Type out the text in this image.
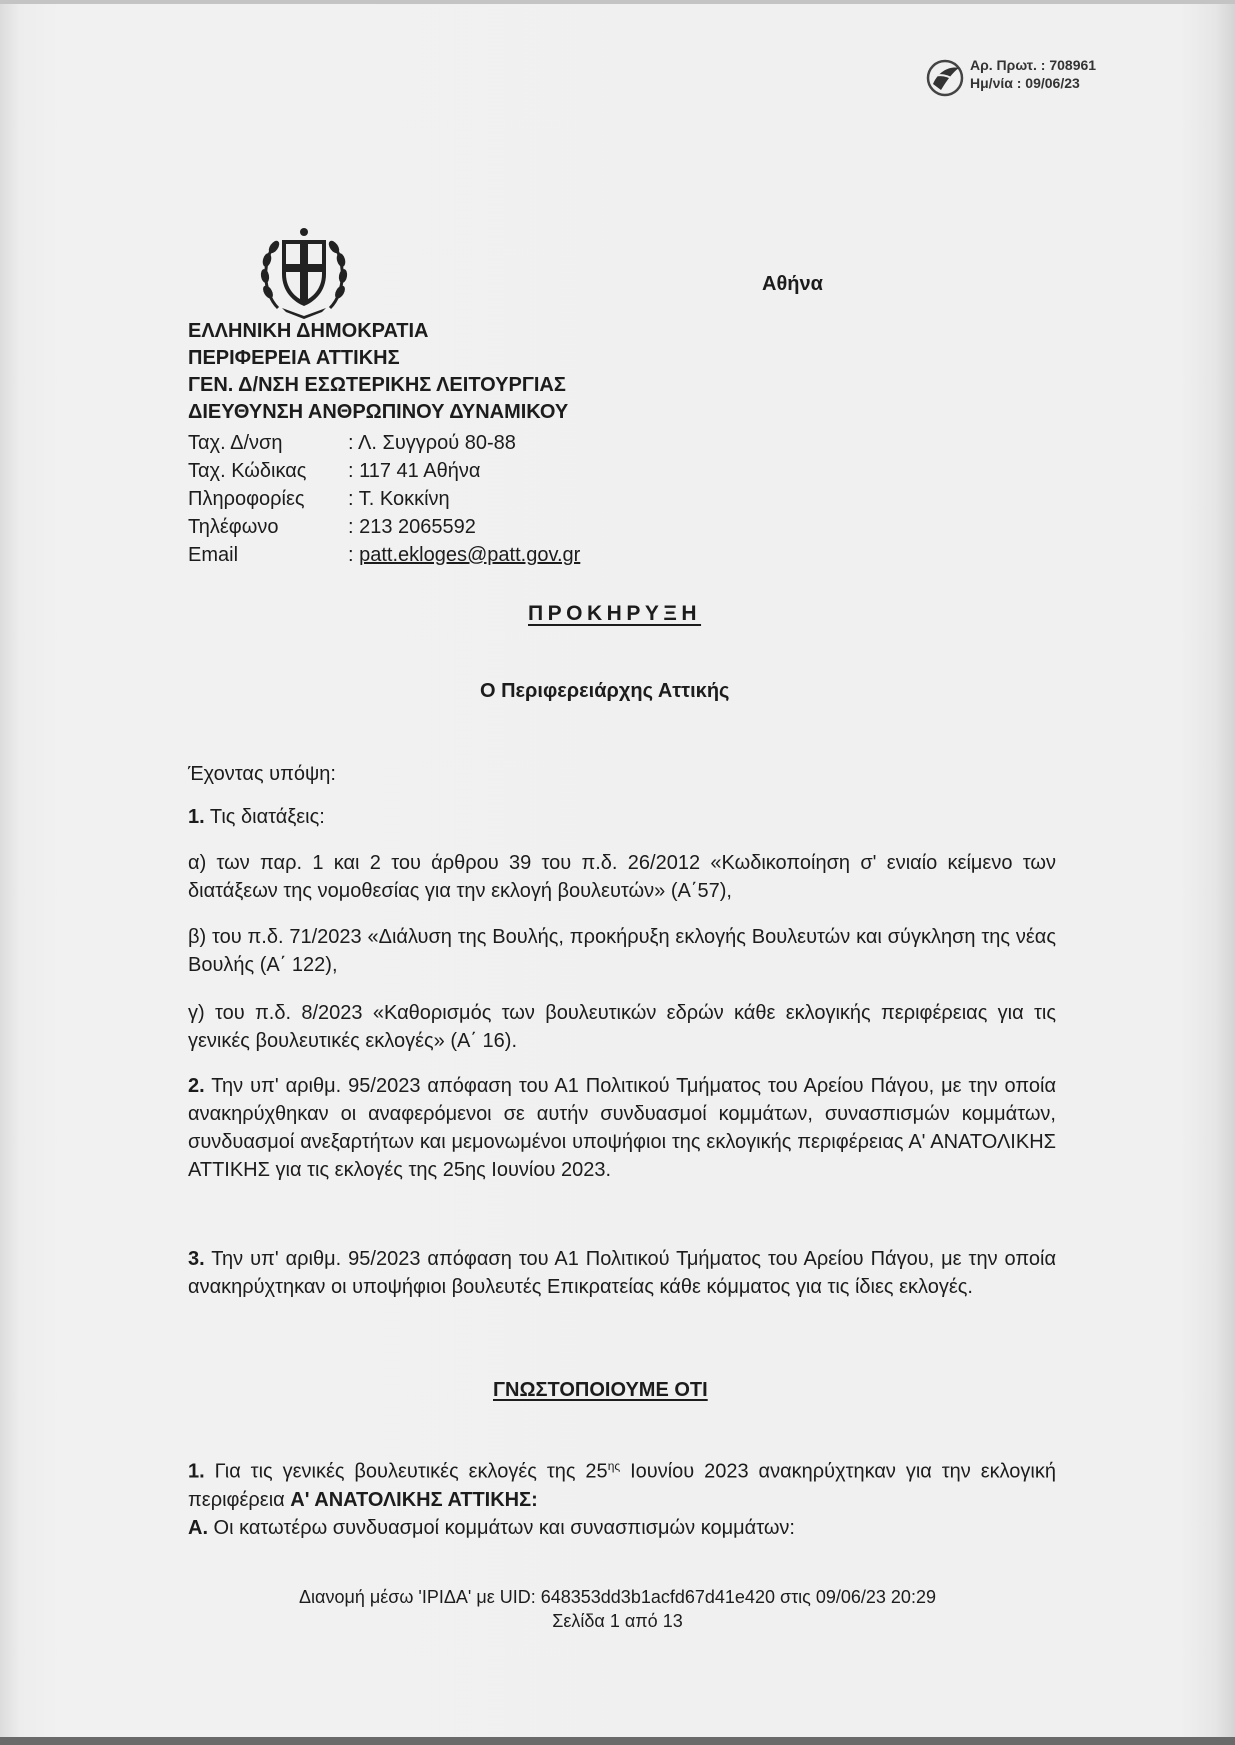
Αρ. Πρωτ. : 708961
Ημ/νία : 09/06/23
Αθήνα
ΕΛΛΗΝΙΚΗ ΔΗΜΟΚΡΑΤΙΑ
ΠΕΡΙΦΕΡΕΙΑ ΑΤΤΙΚΗΣ
ΓΕΝ. Δ/ΝΣΗ ΕΣΩΤΕΡΙΚΗΣ ΛΕΙΤΟΥΡΓΙΑΣ
ΔΙΕΥΘΥΝΣΗ ΑΝΘΡΩΠΙΝΟΥ ΔΥΝΑΜΙΚΟΥ
Ταχ. Δ/νση	: Λ. Συγγρού 80-88
Ταχ. Κώδικας	: 117 41 Αθήνα
Πληροφορίες	: Τ. Κοκκίνη
Τηλέφωνο	: 213 2065592
Email	: patt.ekloges@patt.gov.gr
ΠΡΟΚΗΡΥΞΗ
Ο Περιφερειάρχης Αττικής
Έχοντας υπόψη:
1. Τις διατάξεις:
α) των παρ. 1 και 2 του άρθρου 39 του π.δ. 26/2012 «Κωδικοποίηση σ' ενιαίο κείμενο των διατάξεων της νομοθεσίας για την εκλογή βουλευτών» (Α΄57),
β) του π.δ. 71/2023 «Διάλυση της Βουλής, προκήρυξη εκλογής Βουλευτών και σύγκληση της νέας Βουλής (Α΄ 122),
γ) του π.δ. 8/2023 «Καθορισμός των βουλευτικών εδρών κάθε εκλογικής περιφέρειας για τις γενικές βουλευτικές εκλογές» (Α΄ 16).
2. Την υπ' αριθμ. 95/2023 απόφαση του Α1 Πολιτικού Τμήματος του Αρείου Πάγου, με την οποία ανακηρύχθηκαν οι αναφερόμενοι σε αυτήν συνδυασμοί κομμάτων, συνασπισμών κομμάτων, συνδυασμοί ανεξαρτήτων και μεμονωμένοι υποψήφιοι της εκλογικής περιφέρειας Α' ΑΝΑΤΟΛΙΚΗΣ ΑΤΤΙΚΗΣ για τις εκλογές της 25ης Ιουνίου 2023.
3. Την υπ' αριθμ. 95/2023 απόφαση του Α1 Πολιτικού Τμήματος του Αρείου Πάγου, με την οποία ανακηρύχτηκαν οι υποψήφιοι βουλευτές Επικρατείας κάθε κόμματος για τις ίδιες εκλογές.
ΓΝΩΣΤΟΠΟΙΟΥΜΕ ΟΤΙ
1. Για τις γενικές βουλευτικές εκλογές της $25^{\eta\varsigma}$ Ιουνίου 2023 ανακηρύχτηκαν για την εκλογική περιφέρεια Α' ΑΝΑΤΟΛΙΚΗΣ ΑΤΤΙΚΗΣ:
Α. Οι κατωτέρω συνδυασμοί κομμάτων και συνασπισμών κομμάτων:
Διανομή μέσω 'ΙΡΙΔΑ' με UID: 648353dd3b1acfd67d41e420 στις 09/06/23 20:29
Σελίδα 1 από 13
